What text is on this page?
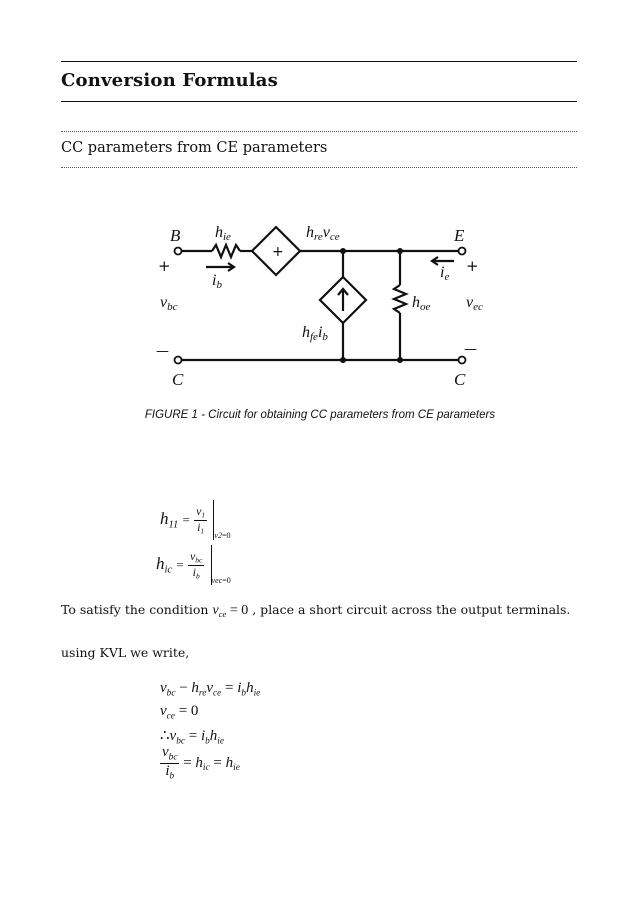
Conversion Formulas
CC parameters from CE parameters
B	E
C	C
hie
ib
hrevce
ie
hoe
hfeib
vbc	vec
+	+
+
—	—
FIGURE 1 - Circuit for obtaining CC parameters from CE parameters
$h_{11} = \frac{v_1}{i_1}$
$_{v2=0}$
$h_{ic} = \frac{v_{bc}}{i_b}$
$_{vec=0}$
To satisfy the condition $v_{ce} = 0$ , place a short circuit across the output terminals.
using KVL we write,
$v_{bc} - h_{re}v_{ce} = i_bh_{ie}$
$v_{ce} = 0$
$\therefore v_{bc} = i_bh_{ie}$
$\frac{v_{bc}}{i_b} = h_{ic} = h_{ie}$
